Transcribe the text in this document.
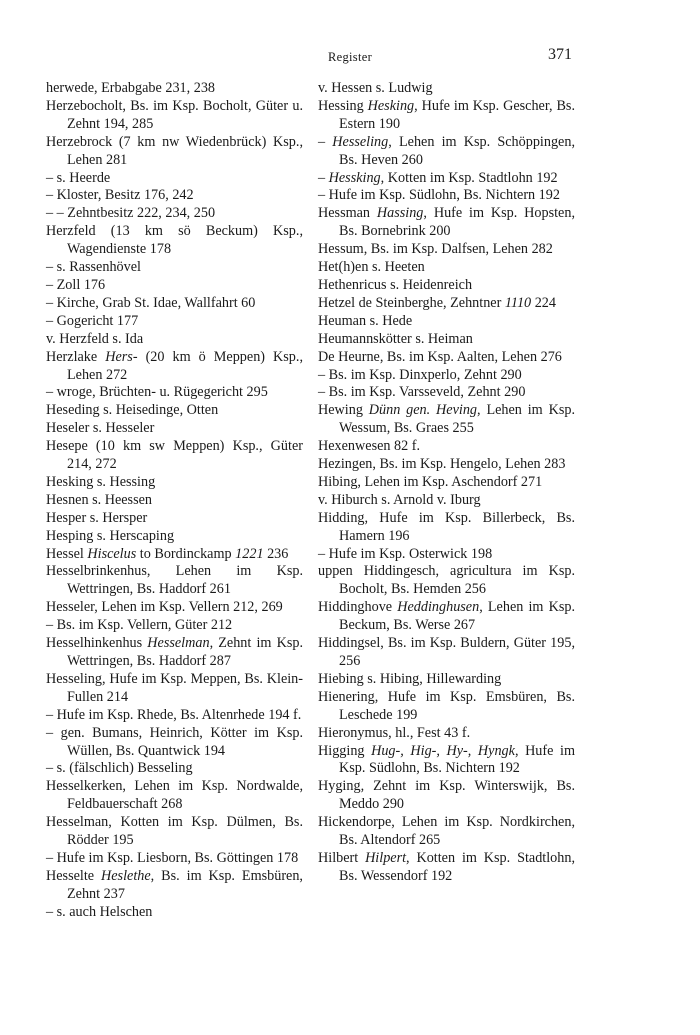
Register	371
herwede, Erbabgabe 231, 238
Herzebocholt, Bs. im Ksp. Bocholt, Güter u. Zehnt 194, 285
Herzebrock (7 km nw Wiedenbrück) Ksp., Lehen 281
– s. Heerde
– Kloster, Besitz 176, 242
– – Zehntbesitz 222, 234, 250
Herzfeld (13 km sö Beckum) Ksp., Wagendienste 178
– s. Rassenhövel
– Zoll 176
– Kirche, Grab St. Idae, Wallfahrt 60
– Gogericht 177
v. Herzfeld s. Ida
Herzlake Hers- (20 km ö Meppen) Ksp., Lehen 272
– wroge, Brüchten- u. Rügegericht 295
Heseding s. Heisedinge, Otten
Heseler s. Hesseler
Hesepe (10 km sw Meppen) Ksp., Güter 214, 272
Hesking s. Hessing
Hesnen s. Heessen
Hesper s. Hersper
Hesping s. Herscaping
Hessel Hiscelus to Bordinckamp 1221 236
Hesselbrinkenhus, Lehen im Ksp. Wettringen, Bs. Haddorf 261
Hesseler, Lehen im Ksp. Vellern 212, 269
– Bs. im Ksp. Vellern, Güter 212
Hesselhinkenhus Hesselman, Zehnt im Ksp. Wettringen, Bs. Haddorf 287
Hesseling, Hufe im Ksp. Meppen, Bs. Klein-Fullen 214
– Hufe im Ksp. Rhede, Bs. Altenrhede 194 f.
– gen. Bumans, Heinrich, Kötter im Ksp. Wüllen, Bs. Quantwick 194
– s. (fälschlich) Besseling
Hesselkerken, Lehen im Ksp. Nordwalde, Feldbauerschaft 268
Hesselman, Kotten im Ksp. Dülmen, Bs. Rödder 195
– Hufe im Ksp. Liesborn, Bs. Göttingen 178
Hesselte Heslethe, Bs. im Ksp. Emsbüren, Zehnt 237
– s. auch Helschen
v. Hessen s. Ludwig
Hessing Hesking, Hufe im Ksp. Gescher, Bs. Estern 190
– Hesseling, Lehen im Ksp. Schöppingen, Bs. Heven 260
– Hessking, Kotten im Ksp. Stadtlohn 192
– Hufe im Ksp. Südlohn, Bs. Nichtern 192
Hessman Hassing, Hufe im Ksp. Hopsten, Bs. Bornebrink 200
Hessum, Bs. im Ksp. Dalfsen, Lehen 282
Het(h)en s. Heeten
Hethenricus s. Heidenreich
Hetzel de Steinberghe, Zehntner 1110 224
Heuman s. Hede
Heumannskötter s. Heiman
De Heurne, Bs. im Ksp. Aalten, Lehen 276
– Bs. im Ksp. Dinxperlo, Zehnt 290
– Bs. im Ksp. Varsseveld, Zehnt 290
Hewing Dünn gen. Heving, Lehen im Ksp. Wessum, Bs. Graes 255
Hexenwesen 82 f.
Hezingen, Bs. im Ksp. Hengelo, Lehen 283
Hibing, Lehen im Ksp. Aschendorf 271
v. Hiburch s. Arnold v. Iburg
Hidding, Hufe im Ksp. Billerbeck, Bs. Hamern 196
– Hufe im Ksp. Osterwick 198
uppen Hiddingesch, agricultura im Ksp. Bocholt, Bs. Hemden 256
Hiddinghove Heddinghusen, Lehen im Ksp. Beckum, Bs. Werse 267
Hiddingsel, Bs. im Ksp. Buldern, Güter 195, 256
Hiebing s. Hibing, Hillewarding
Hienering, Hufe im Ksp. Emsbüren, Bs. Leschede 199
Hieronymus, hl., Fest 43 f.
Higging Hug-, Hig-, Hy-, Hyngk, Hufe im Ksp. Südlohn, Bs. Nichtern 192
Hyging, Zehnt im Ksp. Winterswijk, Bs. Meddo 290
Hickendorpe, Lehen im Ksp. Nordkirchen, Bs. Altendorf 265
Hilbert Hilpert, Kotten im Ksp. Stadtlohn, Bs. Wessendorf 192
